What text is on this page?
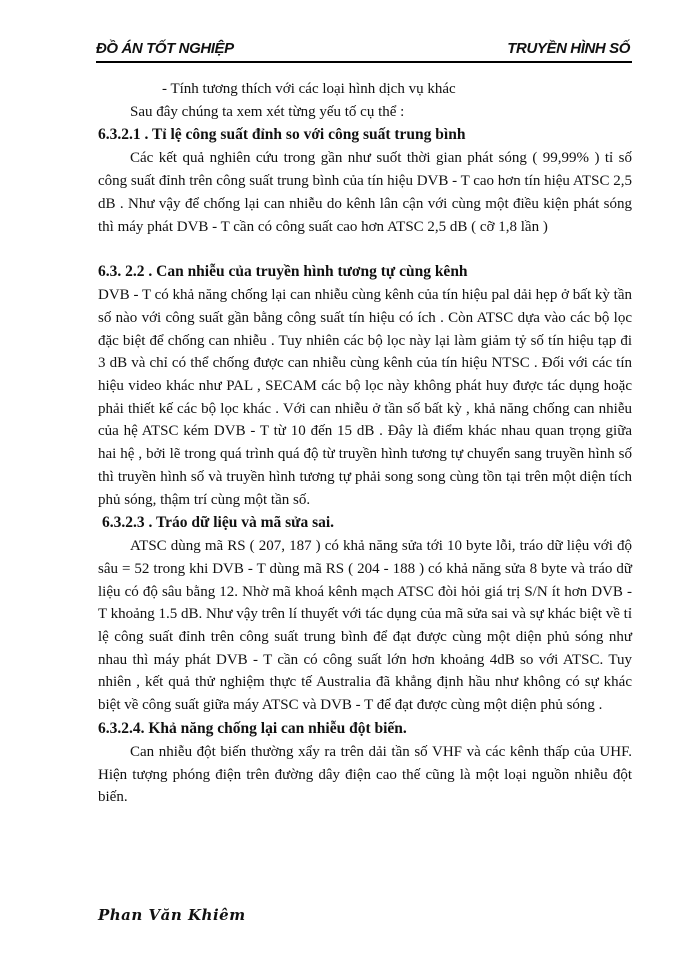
ĐỒ ÁN TỐT NGHIỆP	TRUYỀN HÌNH SỐ

- Tính tương thích với các loại hình dịch vụ khác

Sau đây chúng ta xem xét từng yếu tố cụ thể :

6.3.2.1 . Tỉ lệ công suất đỉnh so với công suất trung bình

Các kết quả nghiên cứu trong gần như suốt thời gian phát sóng ( 99,99% ) tỉ số công suất đỉnh trên công suất trung bình của tín hiệu DVB - T cao hơn tín hiệu ATSC 2,5 dB . Như vậy để chống lại can nhiễu do kênh lân cận với cùng một điều kiện phát sóng thì máy phát DVB - T cần có công suất cao hơn ATSC 2,5 dB ( cỡ 1,8 lần )

6.3. 2.2 . Can nhiễu của truyền hình tương tự cùng kênh

DVB - T có khả năng chống lại can nhiễu cùng kênh của tín hiệu pal dải hẹp ở bất kỳ tần số nào với công suất gần bằng công suất tín hiệu có ích . Còn ATSC dựa vào các bộ lọc đặc biệt để chống can nhiễu . Tuy nhiên các bộ lọc này lại làm giảm tỷ số tín hiệu tạp đi 3 dB và chỉ có thể chống được can nhiễu cùng kênh của tín hiệu NTSC . Đối với các tín hiệu video khác như PAL , SECAM các bộ lọc này không phát huy được tác dụng hoặc phải thiết kế các bộ lọc khác . Với can nhiễu ở tần số bất kỳ , khả năng chống can nhiễu của hệ ATSC kém DVB - T từ 10 đến 15 dB . Đây là điểm khác nhau quan trọng giữa hai hệ , bởi lẽ trong quá trình quá độ từ truyền hình tương tự chuyển sang truyền hình số thì truyền hình số và truyền hình tương tự phải song song cùng tồn tại trên một diện tích phủ sóng, thậm trí cùng một tần số.

6.3.2.3 . Tráo dữ liệu và mã sửa sai.

ATSC dùng mã RS ( 207, 187 ) có khả năng sửa tới 10 byte lỗi, tráo dữ liệu với độ sâu = 52 trong khi DVB - T dùng mã RS ( 204 - 188 ) có khả năng sửa 8 byte và tráo dữ liệu có độ sâu bằng 12. Nhờ mã khoá kênh mạch ATSC đòi hỏi giá trị S/N ít hơn DVB - T khoảng 1.5 dB. Như vậy trên lí thuyết với tác dụng của mã sửa sai và sự khác biệt về tỉ lệ công suất đỉnh trên công suất trung bình để đạt được cùng một diện phủ sóng như nhau thì máy phát DVB - T cần có công suất lớn hơn khoảng 4dB so với ATSC. Tuy nhiên , kết quả thử nghiệm thực tế Australia đã khẳng định hầu như không có sự khác biệt về công suất giữa máy ATSC và DVB - T để đạt được cùng một diện phủ sóng .

6.3.2.4. Khả năng chống lại can nhiễu đột biến.

Can nhiễu đột biến thường xẩy ra trên dải tần số VHF và các kênh thấp của UHF. Hiện tượng phóng điện trên đường dây điện cao thế cũng là một loại nguồn nhiễu đột biến.

Phan Văn Khiêm
